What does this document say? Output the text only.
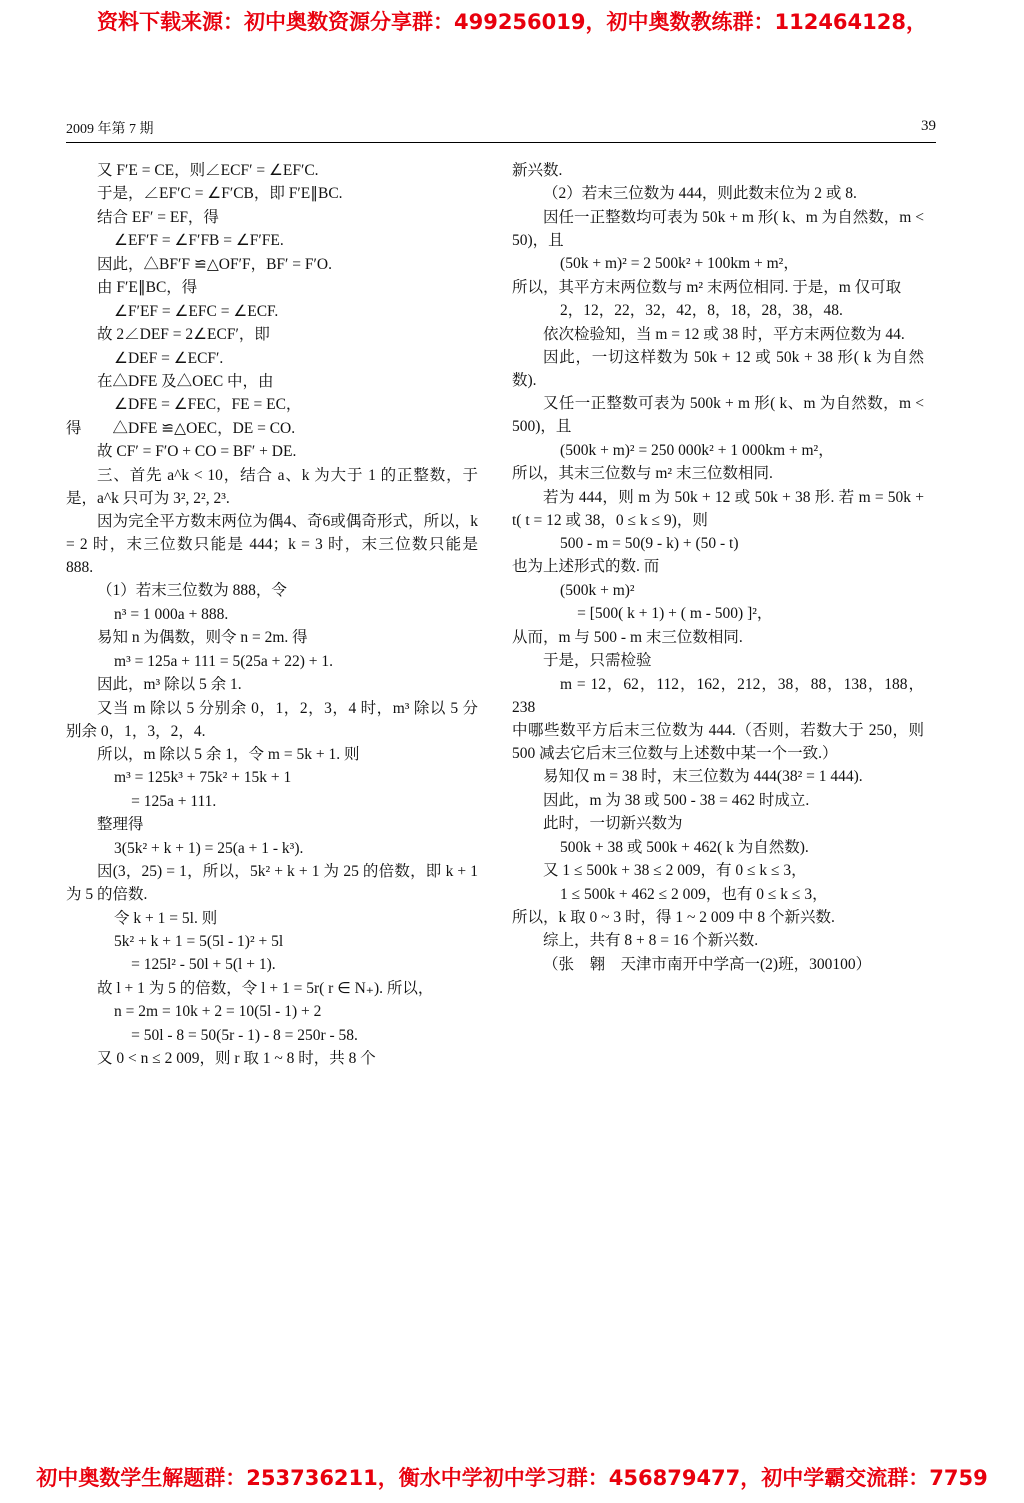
资料下载来源：初中奥数资源分享群：499256019，初中奥数教练群：112464128，
2009 年第 7 期	39

又 F′E = CE，则∠ECF′ = ∠EF′C.

于是，∠EF′C = ∠F′CB，即 F′E∥BC.

结合 EF′ = EF，得

∠EF′F = ∠F′FB = ∠F′FE.

因此，△BF′F ≌△OF′F，BF′ = F′O.

由 F′E∥BC，得

∠F′EF = ∠EFC = ∠ECF.

故 2∠DEF = 2∠ECF′，即

∠DEF = ∠ECF′.

在△DFE 及△OEC 中，由

∠DFE = ∠FEC，FE = EC，

得　　△DFE ≌△OEC，DE = CO.

故 CF′ = F′O + CO = BF′ + DE.

三、首先 a^k < 10，结合 a、k 为大于 1 的正整数，于是，a^k 只可为 3², 2², 2³.

因为完全平方数末两位为偶4、奇6或偶奇形式，所以，k = 2 时，末三位数只能是 444；k = 3 时，末三位数只能是 888.

（1）若末三位数为 888，令

n³ = 1 000a + 888.

易知 n 为偶数，则令 n = 2m. 得

m³ = 125a + 111 = 5(25a + 22) + 1.

因此，m³ 除以 5 余 1.

又当 m 除以 5 分别余 0，1，2，3，4 时，m³ 除以 5 分别余 0，1，3，2，4.

所以，m 除以 5 余 1，令 m = 5k + 1. 则

m³ = 125k³ + 75k² + 15k + 1

= 125a + 111.

整理得

3(5k² + k + 1) = 25(a + 1 - k³).

因(3，25) = 1，所以，5k² + k + 1 为 25 的倍数，即 k + 1 为 5 的倍数.

令 k + 1 = 5l. 则

5k² + k + 1 = 5(5l - 1)² + 5l

= 125l² - 50l + 5(l + 1).

故 l + 1 为 5 的倍数，令 l + 1 = 5r( r ∈ N₊). 所以，

n = 2m = 10k + 2 = 10(5l - 1) + 2

= 50l - 8 = 50(5r - 1) - 8 = 250r - 58.

又 0 < n ≤ 2 009，则 r 取 1 ~ 8 时，共 8 个

新兴数.

（2）若末三位数为 444，则此数末位为 2 或 8.

因任一正整数均可表为 50k + m 形( k、m 为自然数，m < 50)，且

(50k + m)² = 2 500k² + 100km + m²，

所以，其平方末两位数与 m² 末两位相同. 于是，m 仅可取

2，12，22，32，42，8，18，28，38，48.

依次检验知，当 m = 12 或 38 时，平方末两位数为 44.

因此，一切这样数为 50k + 12 或 50k + 38 形( k 为自然数).

又任一正整数可表为 500k + m 形( k、m 为自然数，m < 500)，且

(500k + m)² = 250 000k² + 1 000km + m²，

所以，其末三位数与 m² 末三位数相同.

若为 444，则 m 为 50k + 12 或 50k + 38 形. 若 m = 50k + t( t = 12 或 38，0 ≤ k ≤ 9)，则

500 - m = 50(9 - k) + (50 - t)

也为上述形式的数. 而

(500k + m)²

= [500( k + 1) + ( m - 500) ]²，

从而，m 与 500 - m 末三位数相同.

于是，只需检验

m = 12，62，112，162，212，38，88，138，188，238

中哪些数平方后末三位数为 444.（否则，若数大于 250，则 500 减去它后末三位数与上述数中某一个一致.）

易知仅 m = 38 时，末三位数为 444(38² = 1 444).

因此，m 为 38 或 500 - 38 = 462 时成立.

此时，一切新兴数为

500k + 38 或 500k + 462( k 为自然数).

又 1 ≤ 500k + 38 ≤ 2 009，有 0 ≤ k ≤ 3，

1 ≤ 500k + 462 ≤ 2 009，也有 0 ≤ k ≤ 3，

所以，k 取 0 ~ 3 时，得 1 ~ 2 009 中 8 个新兴数.

综上，共有 8 + 8 = 16 个新兴数.

（张　翱　天津市南开中学高一(2)班，300100）

初中奥数学生解题群：253736211，衡水中学初中学习群：456879477，初中学霸交流群：7759
